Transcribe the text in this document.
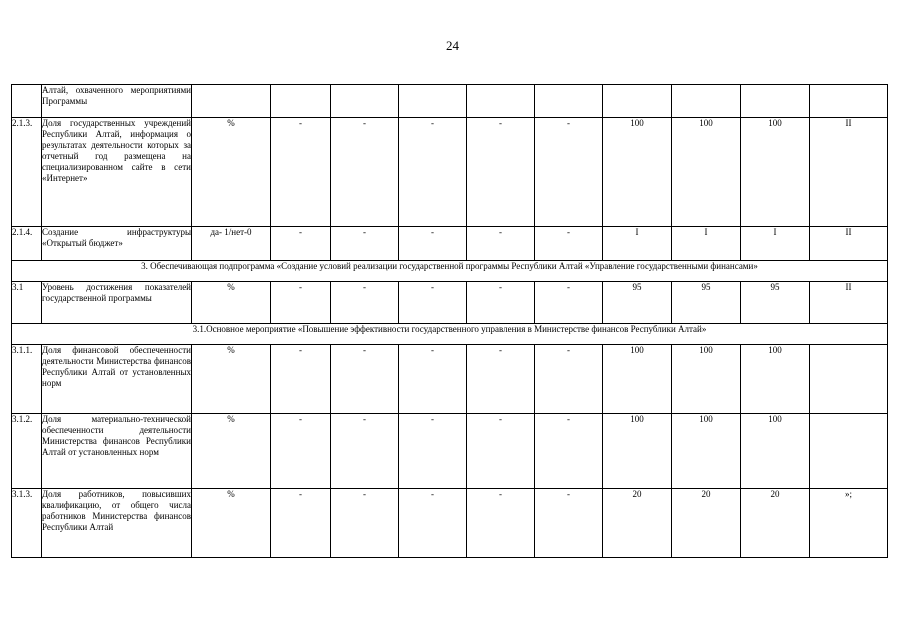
24
	Алтай, охваченного мероприятиями Программы										
2.1.3.	Доля государственных учреждений Республики Алтай, информация о результатах деятельности которых за отчетный год размещена на специализированном сайте в сети «Интернет»	%	-	-	-	-	-	100	100	100	II
2.1.4.	Создание инфраструктуры «Открытый бюджет»	да- 1/нет-0	-	-	-	-	-	I	I	I	II
3. Обеспечивающая подпрограмма «Создание условий реализации государственной программы Республики Алтай «Управление государственными финансами»											
3.1	Уровень достижения показателей государственной программы	%	-	-	-	-	-	95	95	95	II
3.1.Основное мероприятие «Повышение эффективности государственного управления в Министерстве финансов Республики Алтай»											
3.1.1.	Доля финансовой обеспеченности деятельности Министерства финансов Республики Алтай от установленных норм	%	-	-	-	-	-	100	100	100	
3.1.2.	Доля материально-технической обеспеченности деятельности Министерства финансов Республики Алтай от установленных норм	%	-	-	-	-	-	100	100	100	
3.1.3.	Доля работников, повысивших квалификацию, от общего числа работников Министерства финансов Республики Алтай	%	-	-	-	-	-	20	20	20	»;
